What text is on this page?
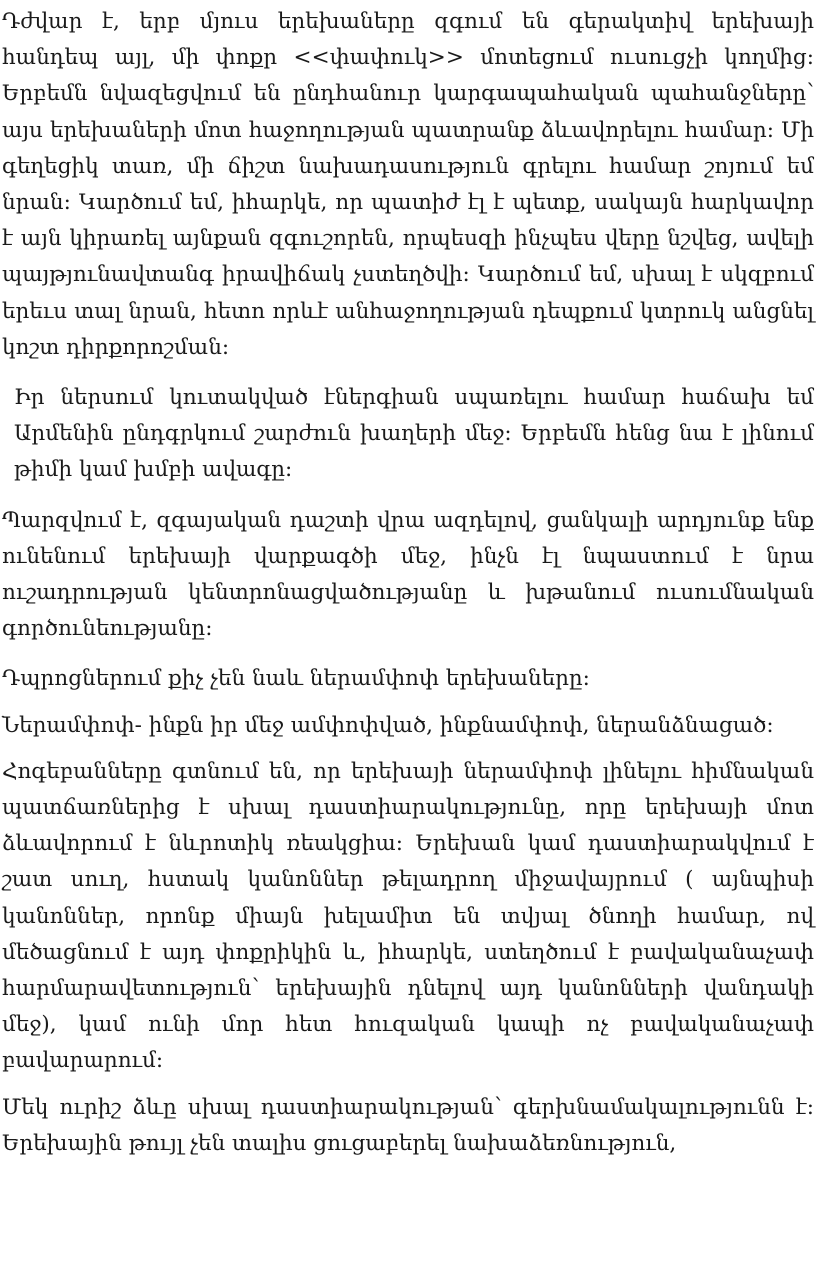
Դժվար է, երբ մյուս երեխաները զգում են գերակտիվ երեխայի հանդեպ այլ, մի փոքր <<փափուկ>> մոտեցում ուսուցչի կողմից: Երբեմն նվազեցվում են ընդհանուր կարգապահական պահանջները՝ այս երեխաների մոտ հաջողության պատրանք ձևավորելու համար: Մի գեղեցիկ տառ, մի ճիշտ նախադասություն գրելու համար շոյում եմ նրան: Կարծում եմ, իհարկե, որ պատիժ էլ է պետք, սակայն հարկավոր է այն կիրառել այնքան զգուշորեն, որպեսզի ինչպես վերը նշվեց, ավելի պայթյունավտանգ իրավիճակ չստեղծվի: Կարծում եմ, սխալ է սկզբում երեւս տալ նրան, հետո որևէ անհաջողության դեպքում կտրուկ անցնել կոշտ դիրքորոշման:

Իր ներսում կուտակված էներգիան սպառելու համար հաճախ եմ Արմենին ընդգրկում շարժուն խաղերի մեջ: Երբեմն հենց նա է լինում թիմի կամ խմբի ավագը:

Պարզվում է, զգայական դաշտի վրա ազդելով, ցանկալի արդյունք ենք ունենում երեխայի վարքագծի մեջ, ինչն էլ նպաստում է նրա ուշադրության կենտրոնացվածությանը և խթանում ուսումնական գործունեությանը:

Դպրոցներում քիչ չեն նաև ներամփոփ երեխաները:

Ներամփոփ- ինքն իր մեջ ամփոփված, ինքնամփոփ, ներանձնացած:

Հոգեբանները գտնում են, որ երեխայի ներամփոփ լինելու հիմնական պատճառներից է սխալ դաստիարակությունը, որը երեխայի մոտ ձևավորում է նևրոտիկ ռեակցիա: Երեխան կամ դաստիարակվում է շատ սուղ, հստակ կանոններ թելադրող միջավայրում ( այնպիսի կանոններ, որոնք միայն խելամիտ են տվյալ ծնողի համար, ով մեծացնում է այդ փոքրիկին և, իհարկե, ստեղծում է բավականաչափ հարմարավետություն՝ երեխային դնելով այդ կանոնների վանդակի մեջ), կամ ունի մոր հետ հուզական կապի ոչ բավականաչափ բավարարում:

Մեկ ուրիշ ձևը սխալ դաստիարակության՝ գերխնամակալությունն է: Երեխային թույլ չեն տալիս ցուցաբերել նախաձեռնություն,
